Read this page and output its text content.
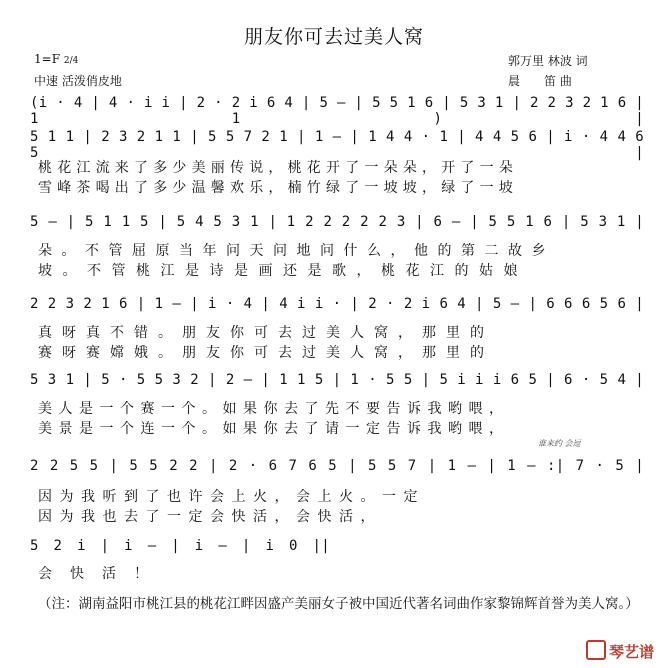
朋友你可去过美人窝
1=F 2/4
中速 活泼俏皮地
郭万里 林波 词
晨　　笛 曲
(i · 4 | 4 · i i | 2 · 2 i 6 4 | 5 – | 5 5 1 6 | 5 3 1 | 2 2 3 2 1 6 | 1 1 ) |
5 1 1 | 2 3 2 1 1 | 5 5 7 2 1 | 1 – | 1 4 4 · 1 | 4 4 5 6 | i · 4 4 6 5 |
桃花江流来了多少美丽传说，桃花开了一朵朵，开了一朵
雪峰茶喝出了多少温馨欢乐，楠竹绿了一坡坡，绿了一坡
5 – | 5 1 1 5 | 5 4 5 3 1 | 1 2 2 2 2 2 3 | 6 – | 5 5 1 6 | 5 3 1 |
朵。不管屈原当年问天问地问什么，他的第二故乡
坡。不管桃江是诗是画还是歌，桃花江的姑娘
2 2 3 2 1 6 | 1 – | i · 4 | 4 i i · | 2 · 2 i 6 4 | 5 – | 6 6 6 5 6 |
真呀真不错。朋友你可去过美人窝，那里的
赛呀赛嫦娥。朋友你可去过美人窝，那里的
5 3 1 | 5 · 5 5 3 2 | 2 – | 1 1 5 | 1 · 5 5 | 5 i i i 6 5 | 6 · 5 4 |
美人是一个赛一个。如果你去了先不要告诉我哟喂，
美景是一个连一个。如果你去了请一定告诉我哟喂，
谁来约 会逗
2 2 5 5 | 5 5 2 2 | 2 · 6 7 6 5 | 5 5 7 | 1 – | 1 – :| 7 · 5 |
因为我听到了也许会上火，会上火。一定
因为我也去了一定会快活，会快活，
5 2 i | i – | i – | i 0 ||
会快活！
（注：湖南益阳市桃江县的桃花江畔因盛产美丽女子被中国近代著名词曲作家黎锦辉首誉为美人窝。）
琴艺谱
